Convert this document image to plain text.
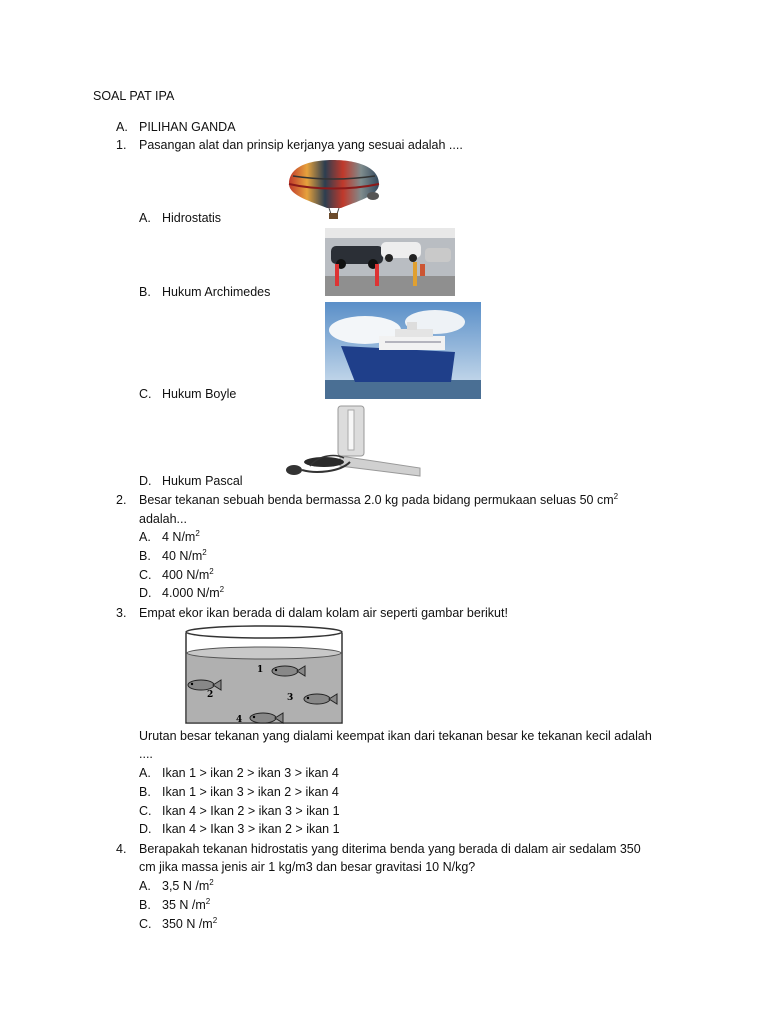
SOAL PAT IPA
A. PILIHAN GANDA
1. Pasangan alat dan prinsip kerjanya yang sesuai adalah ....
A. Hidrostatis
B. Hukum Archimedes
C. Hukum Boyle
D. Hukum Pascal
2. Besar tekanan sebuah benda bermassa 2.0 kg pada bidang permukaan seluas 50 $cm^2$
adalah...
A. 4 $N/m^2$
B. 40 $N/m^2$
C. 400 $N/m^2$
D. 4.000 $N/m^2$
3. Empat ekor ikan berada di dalam kolam air seperti gambar berikut!
1
2	3
4
Urutan besar tekanan yang dialami keempat ikan dari tekanan besar ke tekanan kecil adalah
....
A. Ikan 1 > ikan 2 > ikan 3 > ikan 4
B. Ikan 1 > ikan 3 > ikan 2 > ikan 4
C. Ikan 4 > Ikan 2 > ikan 3 > ikan 1
D. Ikan 4 > Ikan 3 > ikan 2 > ikan 1
4. Berapakah tekanan hidrostatis yang diterima benda yang berada di dalam air sedalam 350
cm jika massa jenis air 1 kg/m3 dan besar gravitasi 10 N/kg?
A. 3,5 N $/m^2$
B. 35 N $/m^2$
C. 350 N $/m^2$
